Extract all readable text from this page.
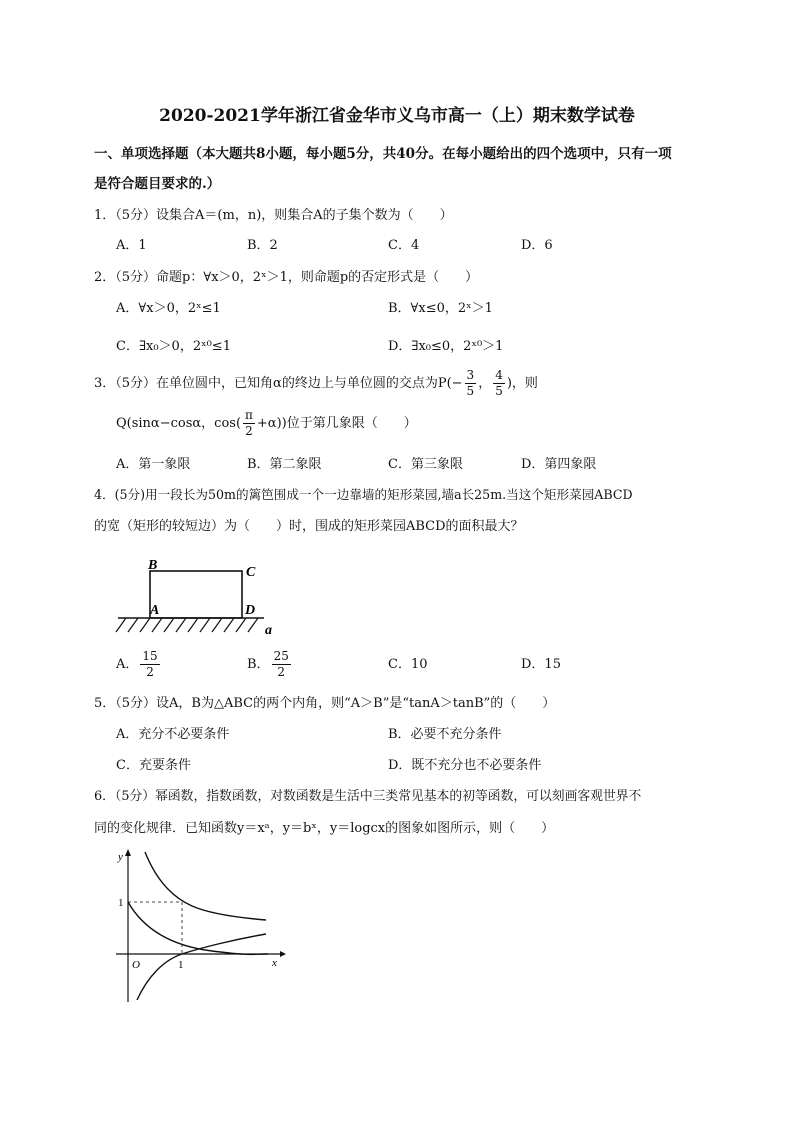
2020-2021学年浙江省金华市义乌市高一（上）期末数学试卷
一、单项选择题（本大题共8小题，每小题5分，共40分。在每小题给出的四个选项中，只有一项
是符合题目要求的.）
1．（5分）设集合A＝(m，n)，则集合A的子集个数为（　　）
A．1	B．2	C．4	D．6
2．（5分）命题p：∀x＞0，2ˣ＞1，则命题p的否定形式是（　　）
A．∀x＞0，2ˣ≤1	B．∀x≤0，2ˣ＞1
C．∃x₀＞0，2ˣ⁰≤1	D．∃x₀≤0，2ˣ⁰＞1
3．（5分）在单位圆中，已知角α的终边上与单位圆的交点为$P(- \frac{3}{5}$ ， $\frac{4}{5}$ )，则
Q(sinα−cosα，$\cos( \frac{\pi}{2} +\alpha)$)位于第几象限（　　）
A．第一象限	B．第二象限	C．第三象限	D．第四象限
4．(5分)用一段长为50m的篱笆围成一个一边靠墙的矩形菜园,墙a长25m.当这个矩形菜园ABCD
的宽（矩形的较短边）为（　　）时，围成的矩形菜园ABCD的面积最大？
B	C
A	D
a
A． $\frac{15}{2}$	B． $\frac{25}{2}$	C．10	D．15
5．（5分）设A，B为△ABC的两个内角，则“A＞B”是“tanA＞tanB”的（　　）
A．充分不必要条件	B．必要不充分条件
C．充要条件	D．既不充分也不必要条件
6．（5分）幂函数，指数函数，对数函数是生活中三类常见基本的初等函数，可以刻画客观世界不
同的变化规律．已知函数y＝xᵃ，y＝bˣ，y＝logcx的图象如图所示，则（　　）
y
x
1
1
O
